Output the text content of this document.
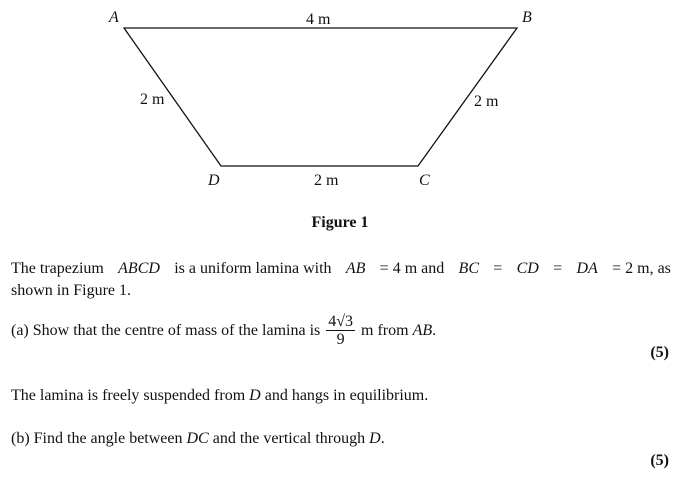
A	B
C
D
4 m
2 m	2 m
2 m
Figure 1
The trapezium ABCD is a uniform lamina with AB = 4 m and BC = CD = DA = 2 m, as
shown in Figure 1.
(a) Show that the centre of mass of the lamina is $\frac{4√3}{9}$ m from
AB .
(5)
The lamina is freely suspended from D and hangs in equilibrium.
(b) Find the angle between DC and the vertical through D.
(5)
